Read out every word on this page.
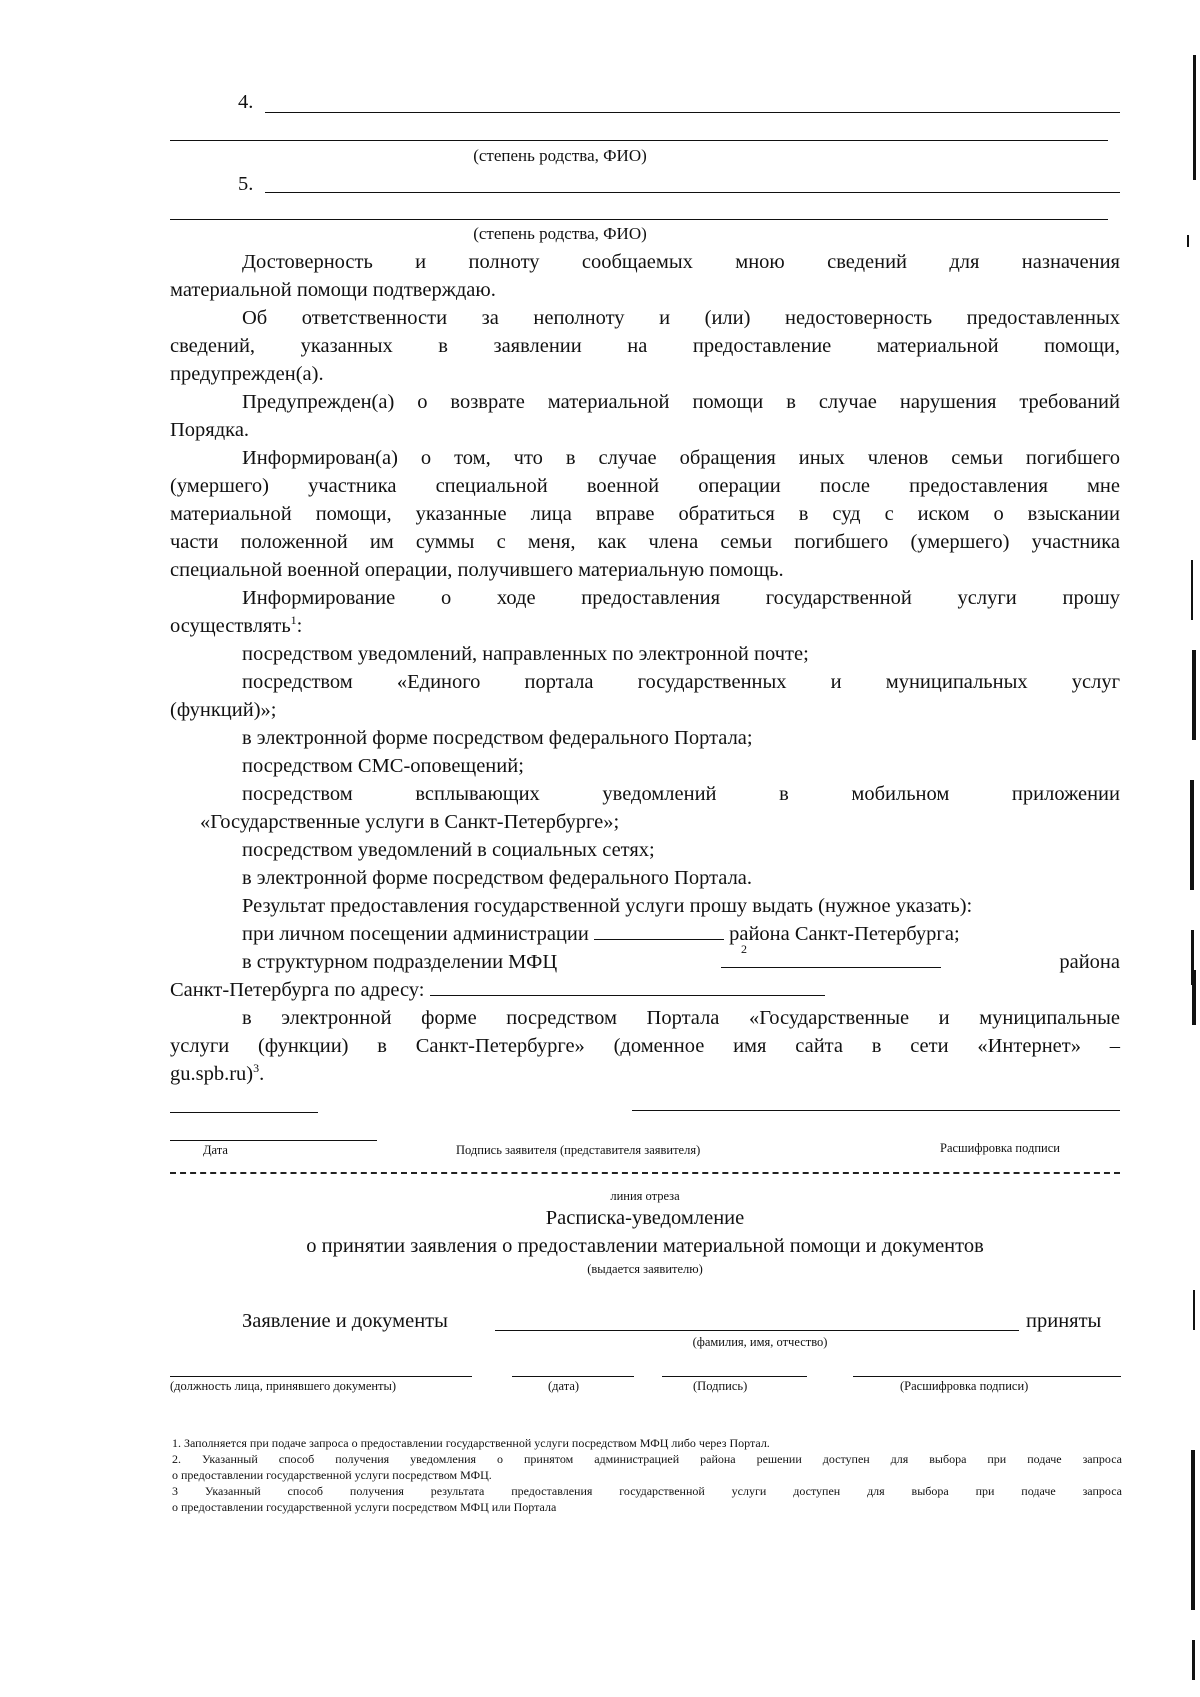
4.
(степень родства, ФИО)
5.
(степень родства, ФИО)
Достоверность и полноту сообщаемых мною сведений для назначения
материальной помощи подтверждаю.
Об ответственности за неполноту и (или) недостоверность предоставленных
сведений, указанных в заявлении на предоставление материальной помощи,
предупрежден(а).
Предупрежден(а) о возврате материальной помощи в случае нарушения требований
Порядка.
Информирован(а) о том, что в случае обращения иных членов семьи погибшего
(умершего) участника специальной военной операции после предоставления мне
материальной помощи, указанные лица вправе обратиться в суд с иском о взыскании
части положенной им суммы с меня, как члена семьи погибшего (умершего) участника
специальной военной операции, получившего материальную помощь.
Информирование о ходе предоставления государственной услуги прошу
осуществлять$^1$:
посредством уведомлений, направленных по электронной почте;
посредством «Единого портала государственных и муниципальных услуг
(функций)»;
в электронной форме посредством федерального Портала;
посредством СМС-оповещений;
посредством всплывающих уведомлений в мобильном приложении
«Государственные услуги в Санкт-Петербурге»;
посредством уведомлений в социальных сетях;
в электронной форме посредством федерального Портала.
Результат предоставления государственной услуги прошу выдать (нужное указать):
при личном посещении администрации	района Санкт-Петербурга;
в структурном подразделении МФЦ	района
Санкт-Петербурга по адресу:
в электронной форме посредством Портала «Государственные и муниципальные
услуги (функции) в Санкт-Петербурге» (доменное имя сайта в сети «Интернет» –
gu.spb.ru)$^3$.
2
Дата	Подпись заявителя (представителя заявителя)	Расшифровка подписи
линия отреза
Расписка-уведомление
о принятии заявления о предоставлении материальной помощи и документов
(выдается заявителю)
Заявление и документы	приняты
(фамилия, имя, отчество)
(должность лица, принявшего документы)	(дата)	(Подпись)	(Расшифровка подписи)
1. Заполняется при подаче запроса о предоставлении государственной услуги посредством МФЦ либо через Портал.
2. Указанный способ получения уведомления о принятом администрацией района решении доступен для выбора при подаче запроса
о предоставлении государственной услуги посредством МФЦ.
3 Указанный способ получения результата предоставления государственной услуги доступен для выбора при подаче запроса
о предоставлении государственной услуги посредством МФЦ или Портала
